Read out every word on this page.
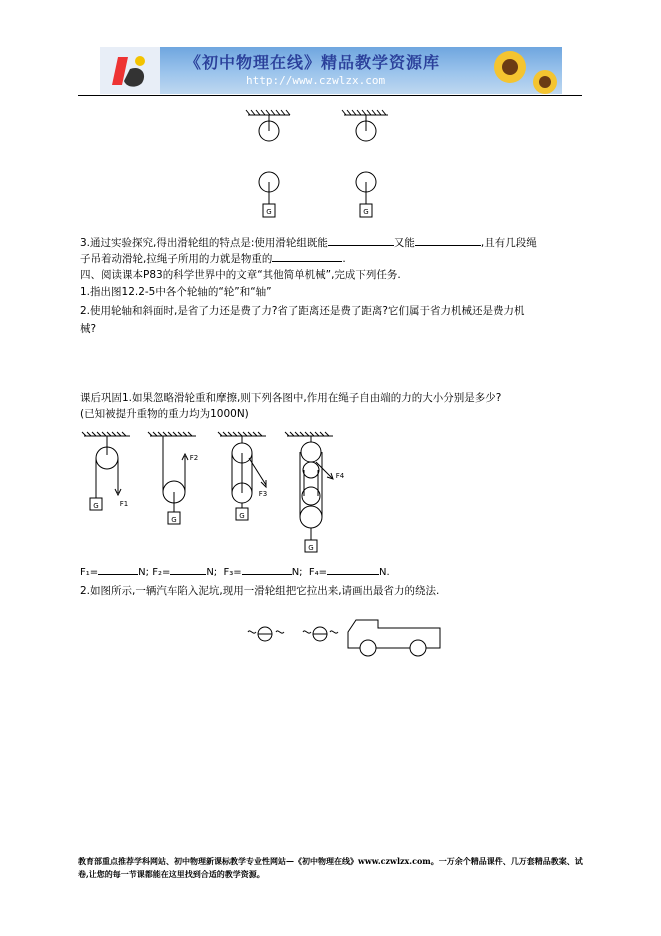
《初中物理在线》精品教学资源库
http://www.czwlzx.com
G	G
G
G	G
G
F1
F2
F3
F4
3.通过实验探究,得出滑轮组的特点是:使用滑轮组既能	又能	,且有几段绳
子吊着动滑轮,拉绳子所用的力就是物重的	.
四、阅读课本P83的科学世界中的文章“其他简单机械”,完成下列任务.
1.指出图12.2-5中各个轮轴的“轮”和“轴”
2.使用轮轴和斜面时,是省了力还是费了力?省了距离还是费了距离?它们属于省力机械还是费力机
械?
课后巩固1.如果忽略滑轮重和摩擦,则下列各图中,作用在绳子自由端的力的大小分别是多少?
(已知被提升重物的重力均为1000N)
F₁=	N; F₂=	N; F₃=	N; F₄=	N.
2.如图所示,一辆汽车陷入泥坑,现用一滑轮组把它拉出来,请画出最省力的绕法.
教育部重点推荐学科网站、初中物理新课标教学专业性网站—《初中物理在线》www.czwlzx.com。一万余个精品课件、几万套精品教案、试卷,让您的每一节课都能在这里找到合适的教学资源。
